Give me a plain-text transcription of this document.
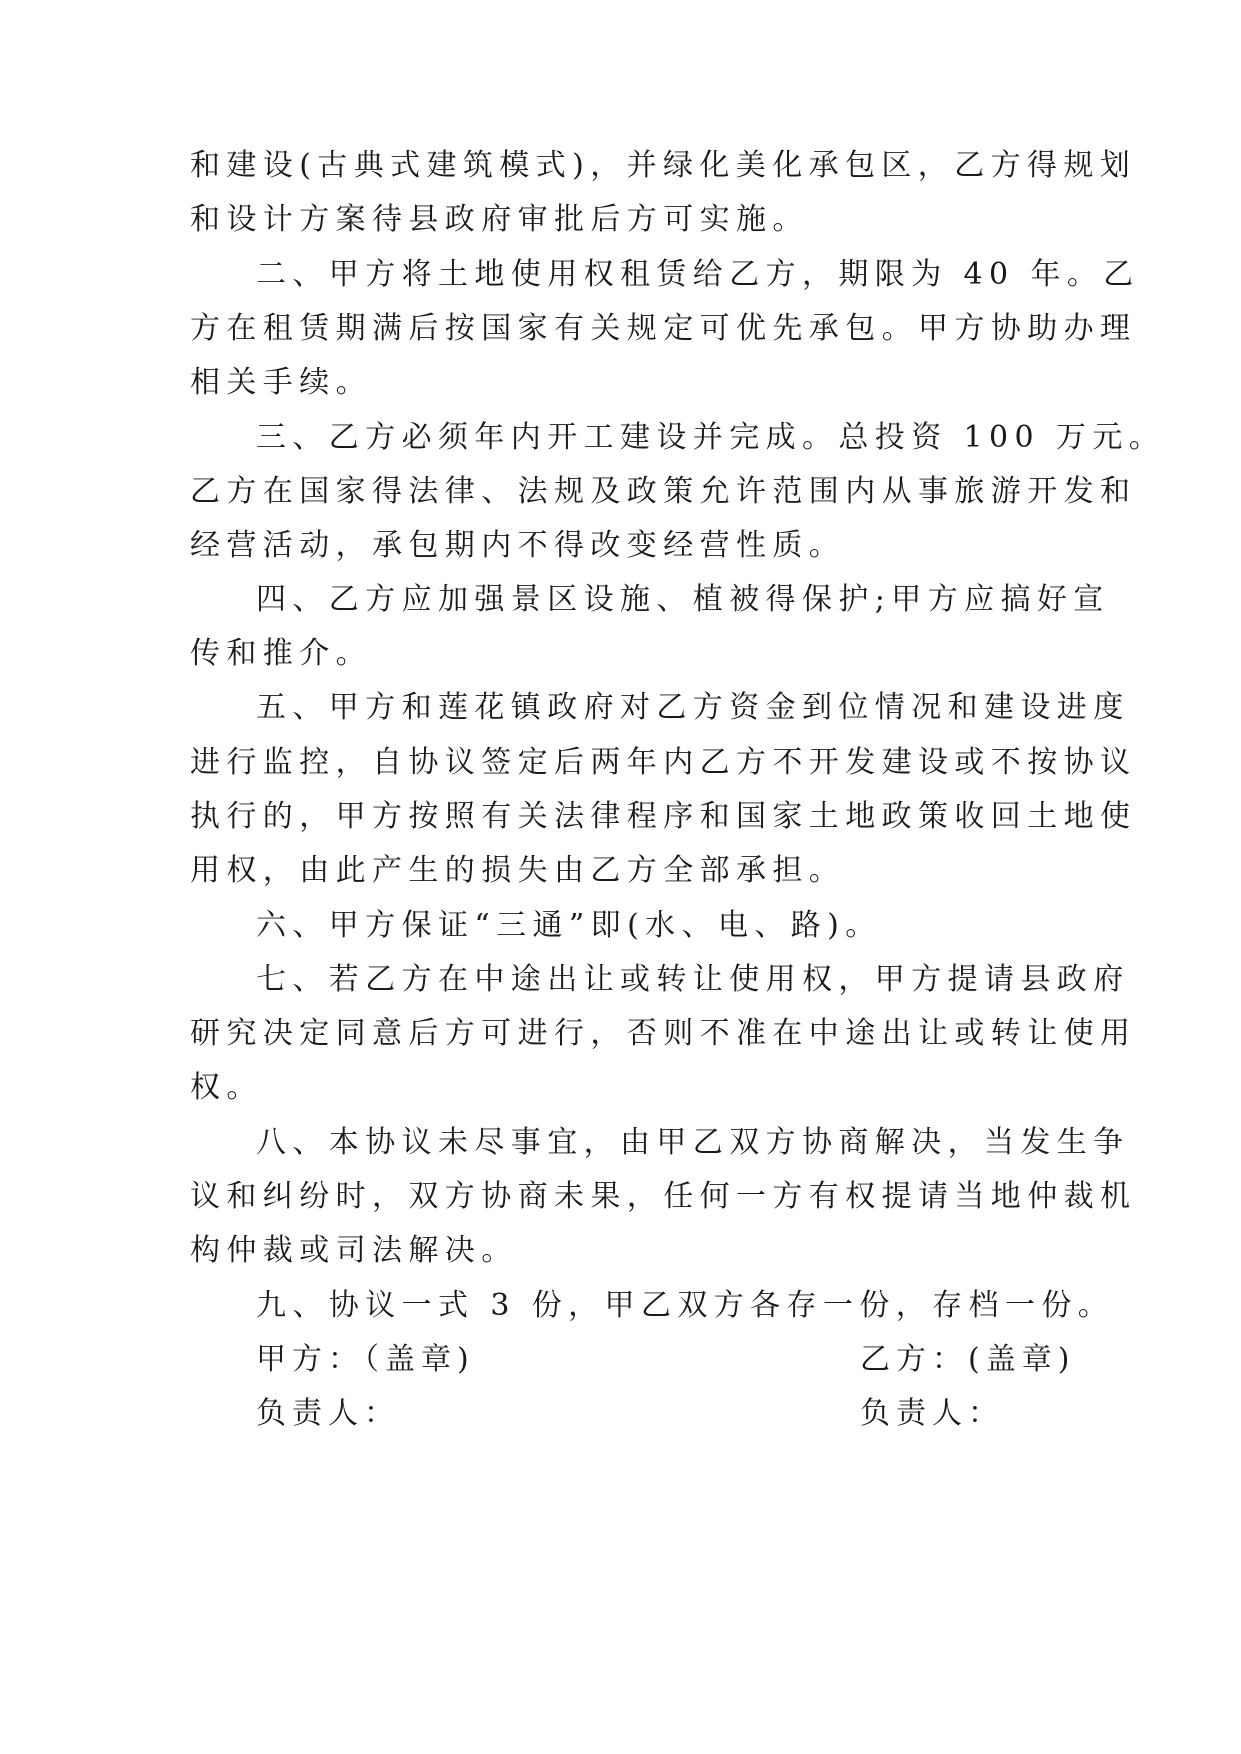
和建设(古典式建筑模式)，并绿化美化承包区，乙方得规划
和设计方案待县政府审批后方可实施。
二、甲方将土地使用权租赁给乙方，期限为 40 年。乙
方在租赁期满后按国家有关规定可优先承包。甲方协助办理
相关手续。
三、乙方必须年内开工建设并完成。总投资 100 万元。
乙方在国家得法律、法规及政策允许范围内从事旅游开发和
经营活动，承包期内不得改变经营性质。
四、乙方应加强景区设施、植被得保护;甲方应搞好宣
传和推介。
五、甲方和莲花镇政府对乙方资金到位情况和建设进度
进行监控，自协议签定后两年内乙方不开发建设或不按协议
执行的，甲方按照有关法律程序和国家土地政策收回土地使
用权，由此产生的损失由乙方全部承担。
六、甲方保证“三通”即(水、电、路)。
七、若乙方在中途出让或转让使用权，甲方提请县政府
研究决定同意后方可进行，否则不准在中途出让或转让使用
权。
八、本协议未尽事宜，由甲乙双方协商解决，当发生争
议和纠纷时，双方协商未果，任何一方有权提请当地仲裁机
构仲裁或司法解决。
九、协议一式 3 份，甲乙双方各存一份，存档一份。
甲方：（盖章)	乙方：(盖章)
负责人：	负责人：
